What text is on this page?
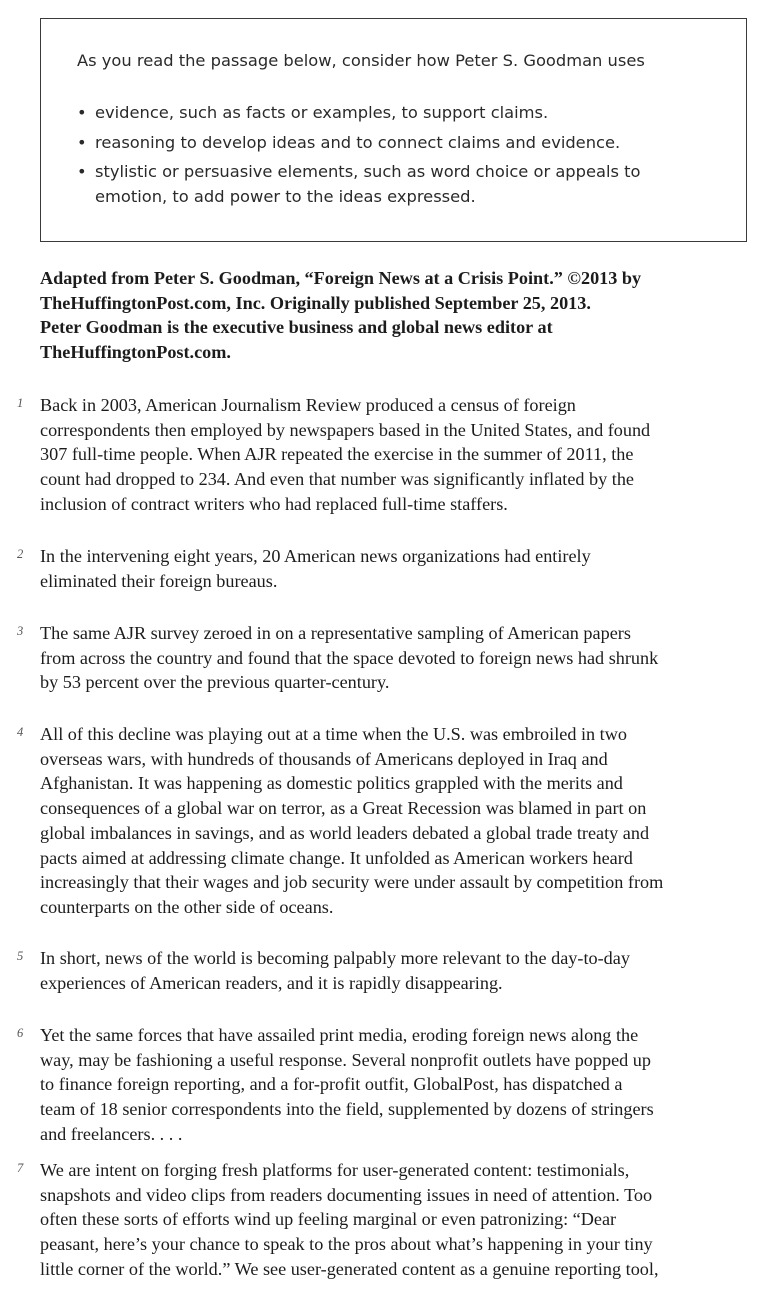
As you read the passage below, consider how Peter S. Goodman uses

• evidence, such as facts or examples, to support claims.
• reasoning to develop ideas and to connect claims and evidence.
• stylistic or persuasive elements, such as word choice or appeals to emotion, to add power to the ideas expressed.

Adapted from Peter S. Goodman, “Foreign News at a Crisis Point.” ©2013 by
TheHuffingtonPost.com, Inc. Originally published September 25, 2013.
Peter Goodman is the executive business and global news editor at
TheHuffingtonPost.com.

1 Back in 2003, American Journalism Review produced a census of foreign
correspondents then employed by newspapers based in the United States, and found
307 full-time people. When AJR repeated the exercise in the summer of 2011, the
count had dropped to 234. And even that number was significantly inflated by the
inclusion of contract writers who had replaced full-time staffers.
2 In the intervening eight years, 20 American news organizations had entirely
eliminated their foreign bureaus.
3 The same AJR survey zeroed in on a representative sampling of American papers
from across the country and found that the space devoted to foreign news had shrunk
by 53 percent over the previous quarter-century.
4 All of this decline was playing out at a time when the U.S. was embroiled in two
overseas wars, with hundreds of thousands of Americans deployed in Iraq and
Afghanistan. It was happening as domestic politics grappled with the merits and
consequences of a global war on terror, as a Great Recession was blamed in part on
global imbalances in savings, and as world leaders debated a global trade treaty and
pacts aimed at addressing climate change. It unfolded as American workers heard
increasingly that their wages and job security were under assault by competition from
counterparts on the other side of oceans.
5 In short, news of the world is becoming palpably more relevant to the day-to-day
experiences of American readers, and it is rapidly disappearing.
6 Yet the same forces that have assailed print media, eroding foreign news along the
way, may be fashioning a useful response. Several nonprofit outlets have popped up
to finance foreign reporting, and a for-profit outfit, GlobalPost, has dispatched a
team of 18 senior correspondents into the field, supplemented by dozens of stringers
and freelancers. . . .
7 We are intent on forging fresh platforms for user-generated content: testimonials,
snapshots and video clips from readers documenting issues in need of attention. Too
often these sorts of efforts wind up feeling marginal or even patronizing: “Dear
peasant, here’s your chance to speak to the pros about what’s happening in your tiny
little corner of the world.” We see user-generated content as a genuine reporting tool,
